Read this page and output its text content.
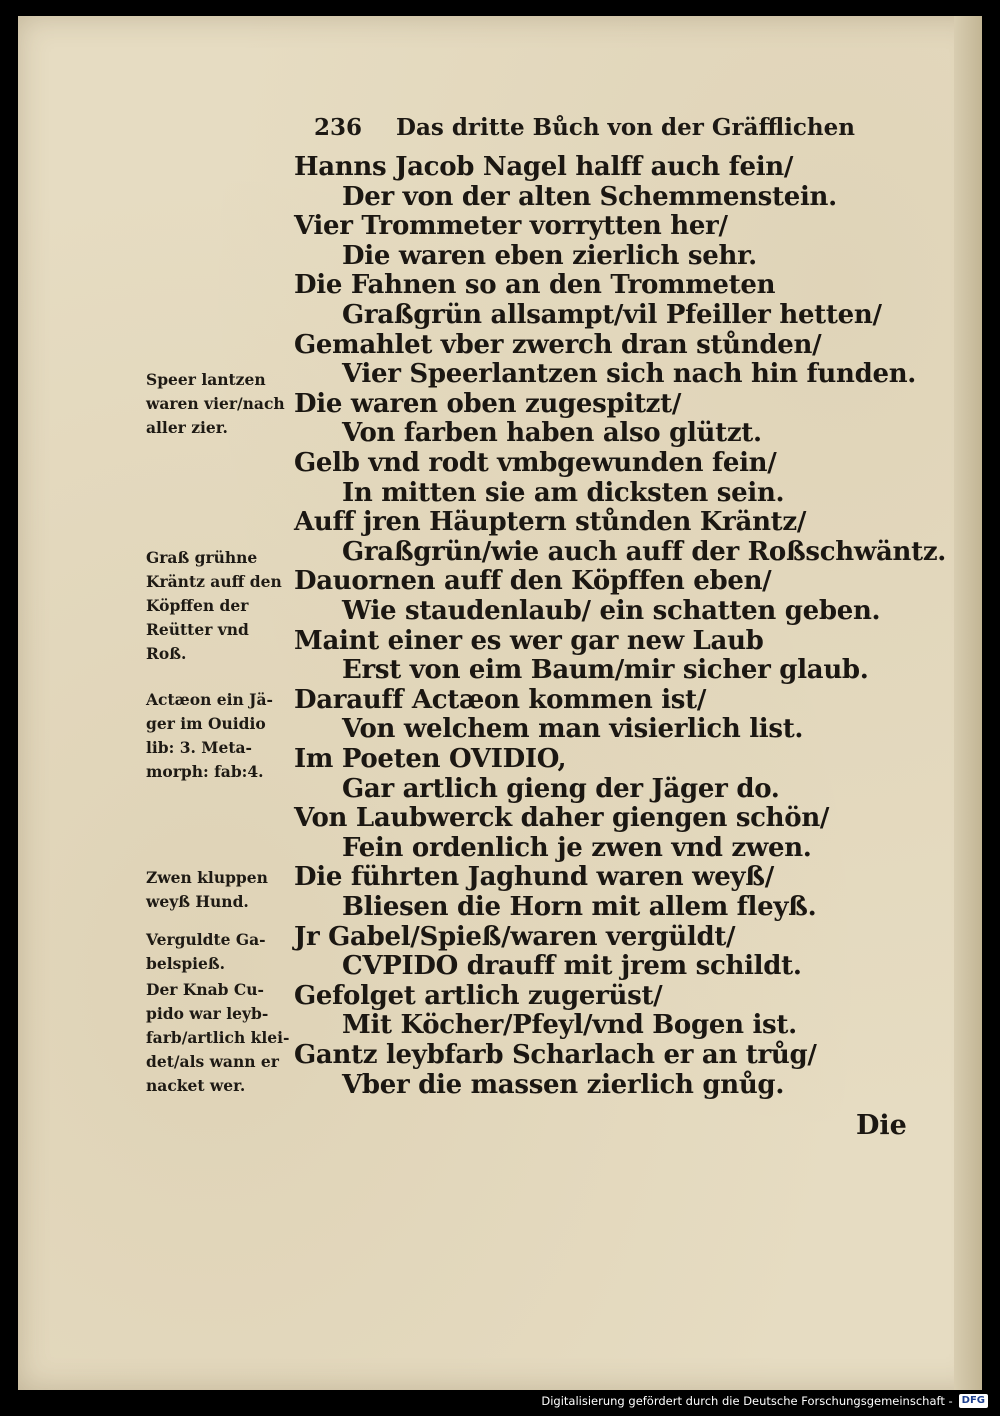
236 Das dritte Bůch von der Gräfflichen
Hanns Jacob Nagel halff auch fein/
Der von der alten Schemmenstein.
Vier Trommeter vorrytten her/
Die waren eben zierlich sehr.
Die Fahnen so an den Trommeten
Graßgrün allsampt/vil Pfeiller hetten/
Gemahlet vber zwerch dran stůnden/
Vier Speerlantzen sich nach hin funden.
Die waren oben zugespitzt/
Von farben haben also glützt.
Gelb vnd rodt vmbgewunden fein/
In mitten sie am dicksten sein.
Auff jren Häuptern stůnden Kräntz/
Graßgrün/wie auch auff der Roßschwäntz.
Dauornen auff den Köpffen eben/
Wie staudenlaub/ ein schatten geben.
Maint einer es wer gar new Laub
Erst von eim Baum/mir sicher glaub.
Darauff Actæon kommen ist/
Von welchem man visierlich list.
Im Poeten OVIDIO,
Gar artlich gieng der Jäger do.
Von Laubwerck daher giengen schön/
Fein ordenlich je zwen vnd zwen.
Die führten Jaghund waren weyß/
Bliesen die Horn mit allem fleyß.
Jr Gabel/Spieß/waren vergüldt/
CVPIDO drauff mit jrem schildt.
Gefolget artlich zugerüst/
Mit Köcher/Pfeyl/vnd Bogen ist.
Gantz leybfarb Scharlach er an trůg/
Vber die massen zierlich gnůg.
Speer lantzen
waren vier/nach
aller zier.
Graß grühne
Kräntz auff den
Köpffen der
Reütter vnd
Roß.
Actæon ein Jä-
ger im Ouidio
lib: 3. Meta-
morph: fab:4.
Zwen kluppen
weyß Hund.
Verguldte Ga-
belspieß.
Der Knab Cu-
pido war leyb-
farb/artlich klei-
det/als wann er
nacket wer.
Die
Digitalisierung gefördert durch die Deutsche Forschungsgemeinschaft - DFG
